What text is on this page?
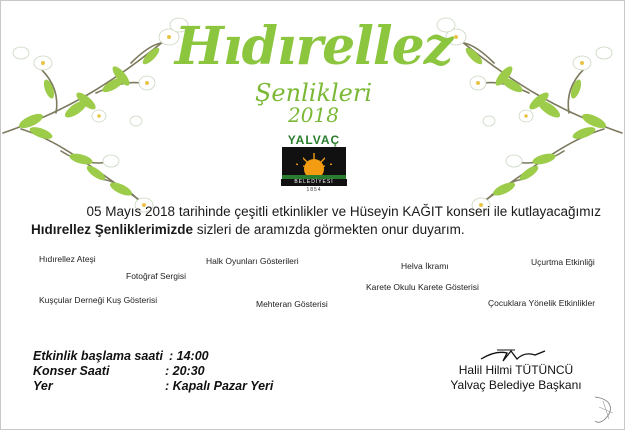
Hıdırellez
Şenlikleri
2018
YALVAÇ
BELEDİYESİ
1854
05 Mayıs 2018 tarihinde çeşitli etkinlikler ve Hüseyin KAĞIT konseri ile kutlayacağımız
Hıdırellez Şenliklerimizde sizleri de aramızda görmekten onur duyarım.
Hıdırellez Ateşi	Halk Oyunları Gösterileri	Helva İkramı	Uçurtma Etkinliği
Fotoğraf Sergisi
Karete Okulu Karete Gösterisi
Kuşçular Derneği Kuş Gösterisi	Mehteran Gösterisi	Çocuklara Yönelik Etkinlikler
Etkinlik başlama saati : 14:00
Konser Saati	: 20:30
Yer	: Kapalı Pazar Yeri
Halil Hilmi TÜTÜNCÜ
Yalvaç Belediye Başkanı
